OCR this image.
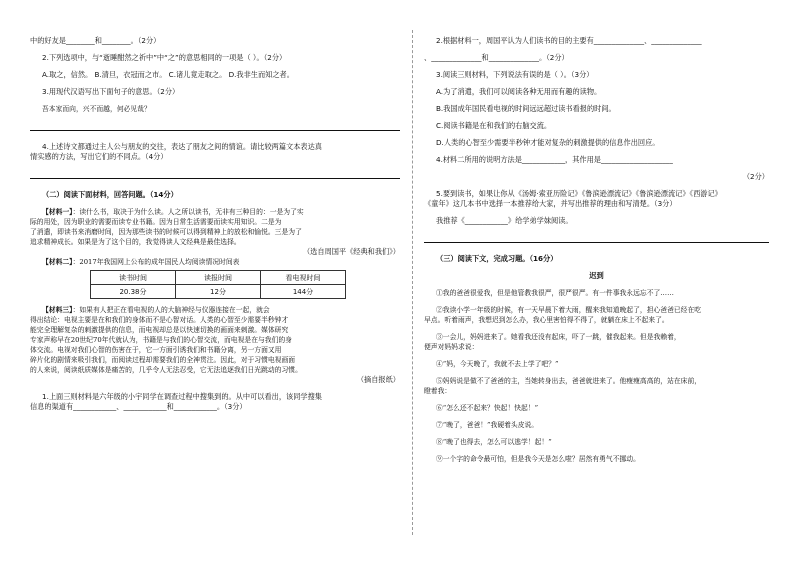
中的好友是________和________。（2分）
2.下列选项中，与“逝睡酣然之祈中”中“之”的意思相同的一项是（ ）。（2分）
A.取之，信然。 B.清旦，衣冠而之市。 C.诸儿竟走取之。 D.我非生而知之者。
3.用现代汉语写出下面句子的意思。（2分）
吾本家而向，兴不而越，何必见哉？
4.上述诗文都通过主人公与朋友的交往，表达了朋友之间的情谊。请比较两篇文本表达真
情实感的方法，写出它们的不同点。（4分）
（二）阅读下面材料，回答问题。（14分）
【材料一】：读什么书，取决于为什么读。人之所以读书，无非有三种目的：一是为了实
际的用处，因为职业的需要而读专业书籍。因为日常生活需要而读实用知识。二是为
了消遣，即读书来消磨时间，因为那些读书的时候可以得到精神上的放松和愉悦。三是为了
追求精神成长。如果是为了这个目的，我觉得读人文经典是最佳选择。
（选自周国平《经典和我们》）
【材料二】：2017年我国网上公布的成年国民人均阅读情况时间表
读书时间	读报时间	看电视时间
20.38分	12分	144分
【材料三】：如果有人把正在看电视的人的大脑神经与仪器连接在一起，就会
得出结论：电视主要是在和我们的身体而不是心智对话。人类的心智至少需要半秒钟才
能完全理解复杂的刺激提供的信息，而电视却总是以快速切换的画面来刺激。媒体研究
专家声称早在20世纪70年代就认为，书籍是与我们的心智交流，而电视是在与我们的身
体交流。电视对我们心智的伤害在于，它一方面引诱我们和书籍分离，另一方面又用
碎片化的剧情来吸引我们，而阅读过程却需要我们的全神贯注。因此，对于习惯电视画面
的人来说，阅读纸质媒体是痛苦的，几乎令人无法忍受，它无法追逐我们日光跳动的习惯。
（摘自报纸）
1.上面三则材料是六年级的小宇同学在调查过程中搜集到的。从中可以看出，该同学搜集
信息的渠道有____________、____________和____________。（3分）
2.根据材料一，周国平认为人们读书的目的主要有______________、______________
、______________和______________。（2分）
3.阅读三则材料，下列说法有误的是（ ）。（3分）
A.为了消遣，我们可以阅读各种无用而有趣的读物。
B.我国成年国民看电视的时间远远超过读书看报的时间。
C.阅读书籍是在和我们的右脑交流。
D.人类的心智至少需要半秒钟才能对复杂的刺激提供的信息作出回应。
4.材料二所用的说明方法是____________，其作用是____________________
（2分）
5.要到读书，如果让你从《汤姆·索亚历险记》《鲁滨逊漂流记》《鲁滨逊漂流记》《西游记》
《童年》这几本书中选择一本推荐给大家，并写出推荐的理由和写清楚。（3分）
我推荐《____________》给学弟学妹阅读。
（三）阅读下文，完成习题。（16分）
迟到
①我的爸爸很爱我，但是他管教我很严，很严很严。有一件事我永远忘不了……
②我读小学一年级的时候，有一天早晨下着大雨，醒来我知道晚起了，担心爸爸已经在吃
早点。听着雨声，我想迟到怎么办，我心里害怕得不得了，就躺在床上不起来了。
③一会儿，妈妈进来了。她看我还没有起床，吓了一跳，催我起来。但是我赖着，
便声对妈妈求说：
④“妈，今天晚了，我就不去上学了吧？”
⑤妈妈说是做不了爸爸的主，当她转身出去，爸爸就进来了。他瘦瘦高高的，站在床前，
瞪着我：
⑥“怎么还不起来？快起！快起！”
⑦“晚了，爸爸！”我硬着头皮说。
⑧“晚了也得去，怎么可以逃学！起！”
⑨一个字的命令最可怕，但是我今天是怎么啦？居然有勇气不挪动。
